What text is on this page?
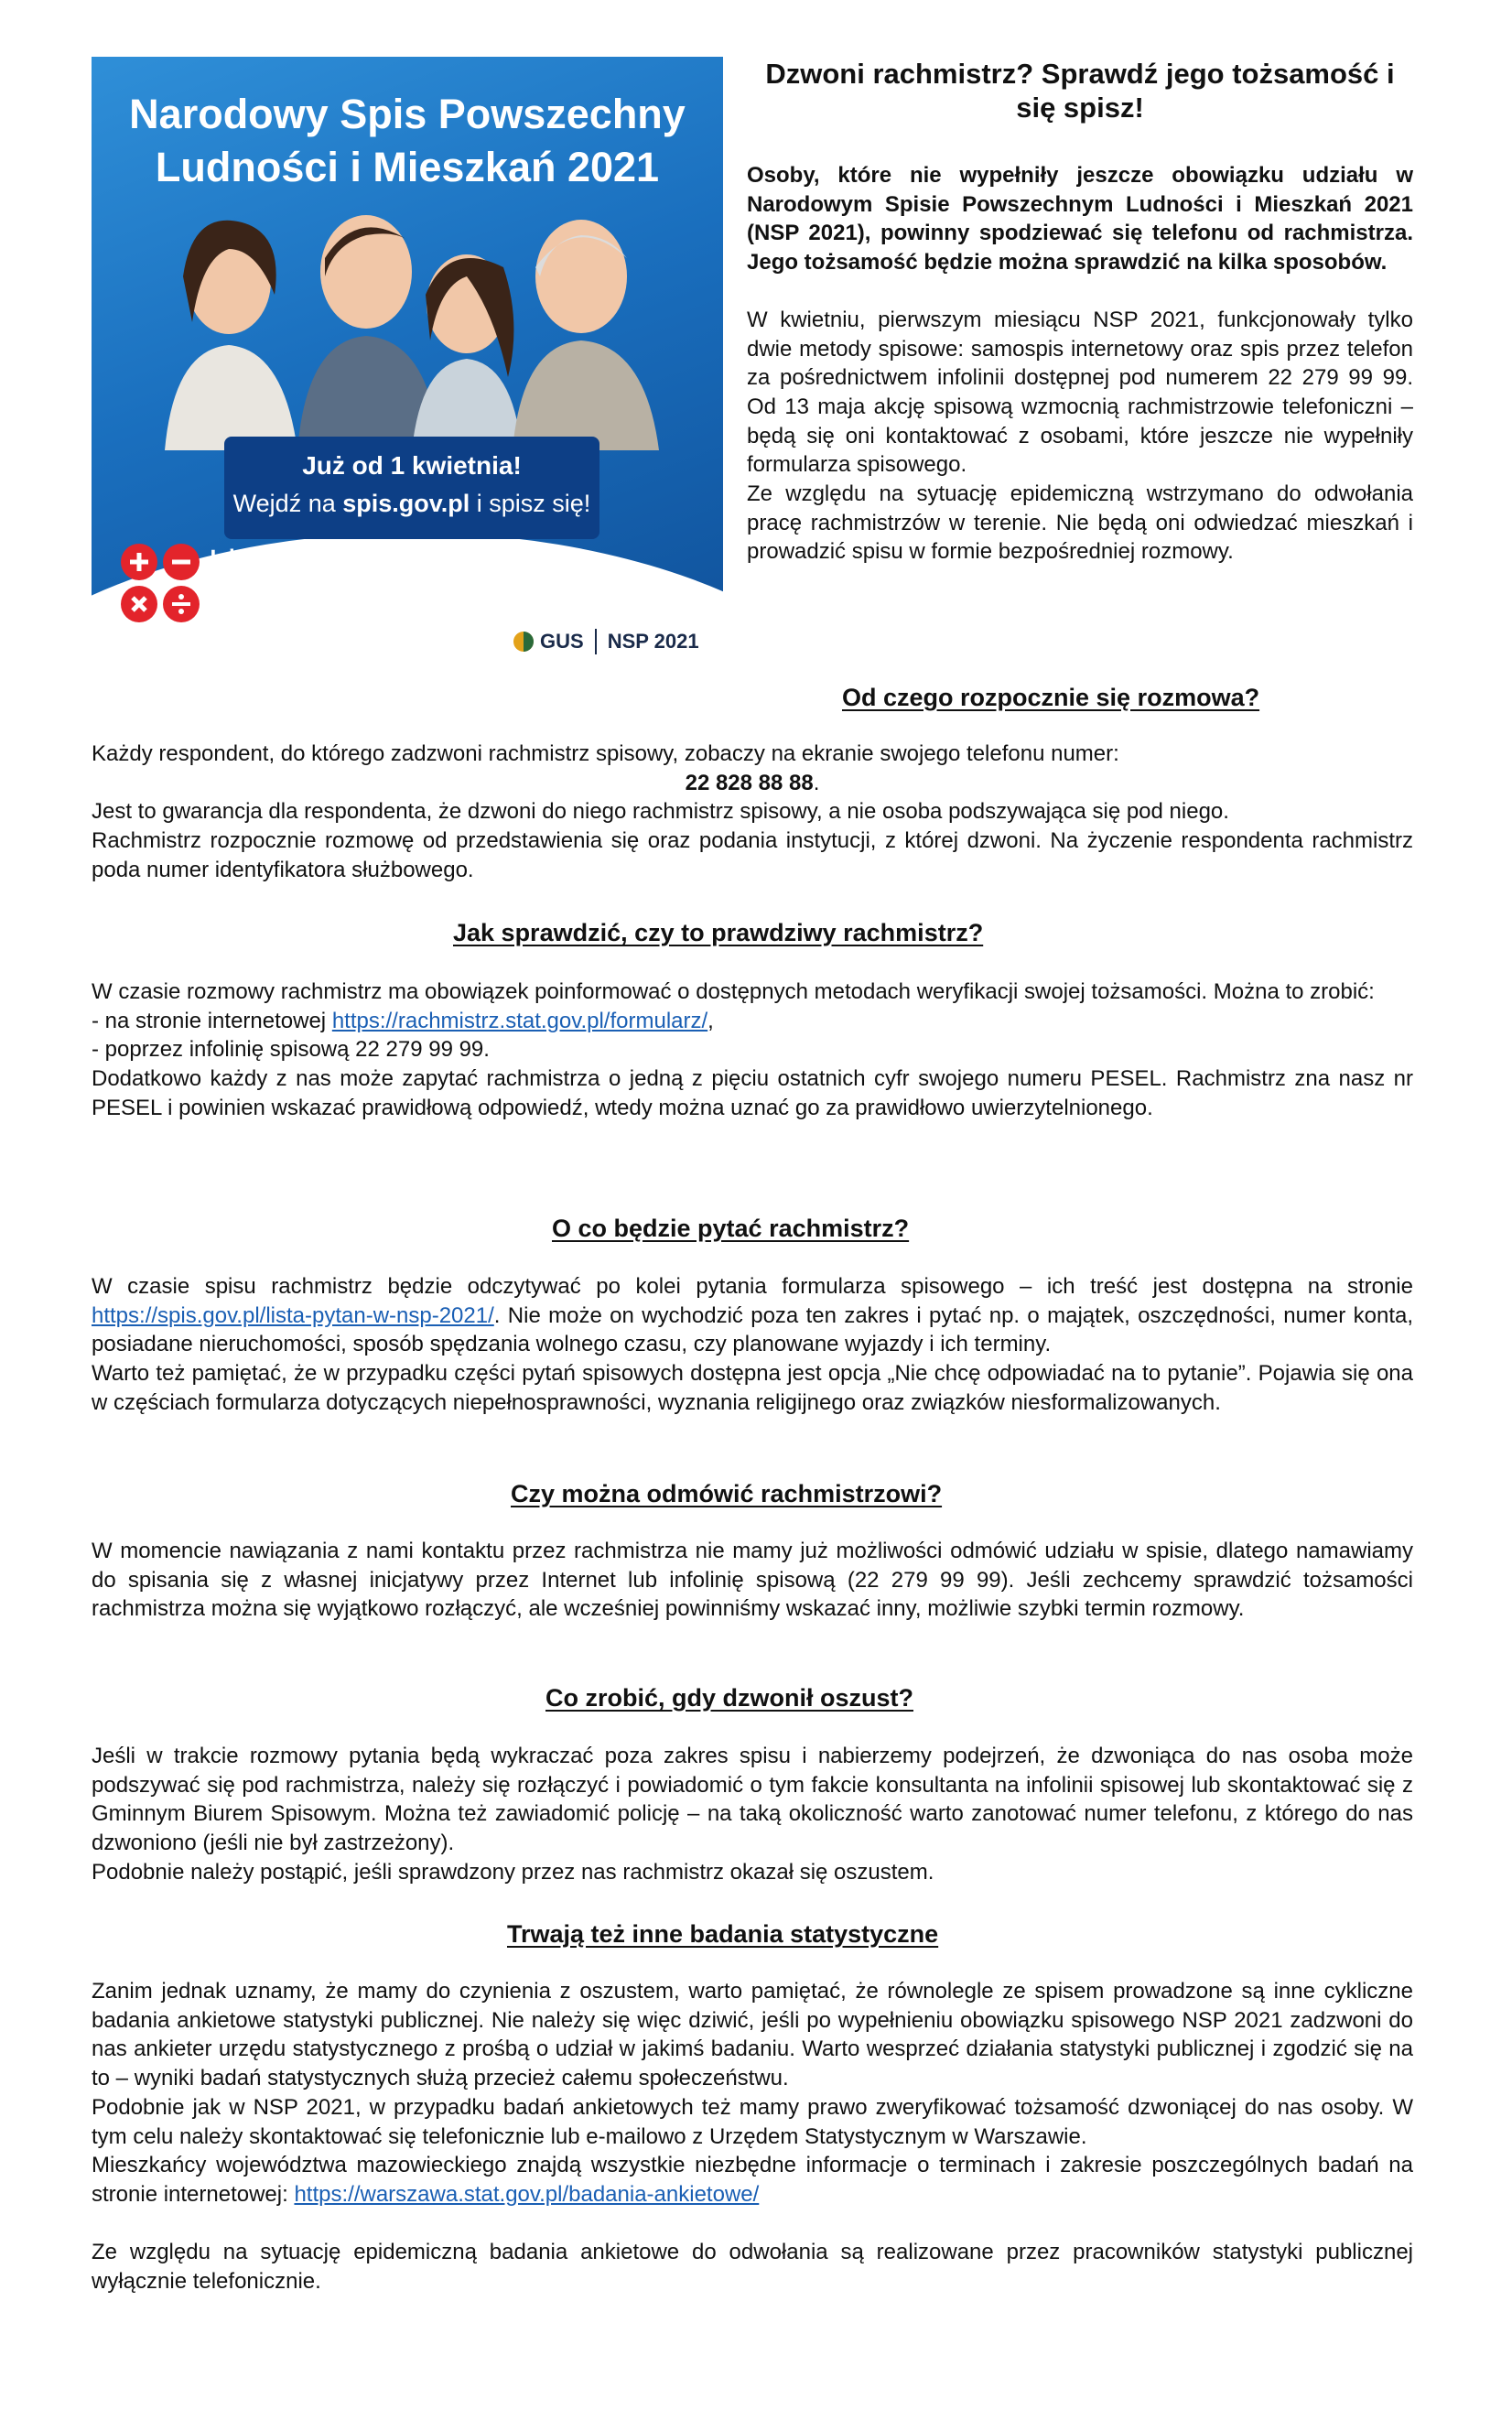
Narodowy Spis Powszechny
Ludności i Mieszkań 2021
Już od 1 kwietnia!
Wejdź na spis.gov.pl i spisz się!
Liczymy się
DLA POLSKI!
GUS NSP 2021
Dzwoni rachmistrz? Sprawdź jego tożsamość i się spisz!

Osoby, które nie wypełniły jeszcze obowiązku udziału w Narodowym Spisie Powszechnym Ludności i Mieszkań 2021 (NSP 2021), powinny spodziewać się telefonu od rachmistrza. Jego tożsamość będzie można sprawdzić na kilka sposobów.

W kwietniu, pierwszym miesiącu NSP 2021, funkcjonowały tylko dwie metody spisowe: samospis internetowy oraz spis przez telefon za pośrednictwem infolinii dostępnej pod numerem 22 279 99 99. Od 13 maja akcję spisową wzmocnią rachmistrzowie telefoniczni – będą się oni kontaktować z osobami, które jeszcze nie wypełniły formularza spisowego.

Ze względu na sytuację epidemiczną wstrzymano do odwołania pracę rachmistrzów w terenie. Nie będą oni odwiedzać mieszkań i prowadzić spisu w formie bezpośredniej rozmowy.

Od czego rozpocznie się rozmowa?

Każdy respondent, do którego zadzwoni rachmistrz spisowy, zobaczy na ekranie swojego telefonu numer:

22 828 88 88.

Jest to gwarancja dla respondenta, że dzwoni do niego rachmistrz spisowy, a nie osoba podszywająca się pod niego.

Rachmistrz rozpocznie rozmowę od przedstawienia się oraz podania instytucji, z której dzwoni. Na życzenie respondenta rachmistrz poda numer identyfikatora służbowego.

Jak sprawdzić, czy to prawdziwy rachmistrz?

W czasie rozmowy rachmistrz ma obowiązek poinformować o dostępnych metodach weryfikacji swojej tożsamości. Można to zrobić:

- na stronie internetowej https://rachmistrz.stat.gov.pl/formularz/,

- poprzez infolinię spisową 22 279 99 99.

Dodatkowo każdy z nas może zapytać rachmistrza o jedną z pięciu ostatnich cyfr swojego numeru PESEL. Rachmistrz zna nasz nr PESEL i powinien wskazać prawidłową odpowiedź, wtedy można uznać go za prawidłowo uwierzytelnionego.

O co będzie pytać rachmistrz?

W czasie spisu rachmistrz będzie odczytywać po kolei pytania formularza spisowego – ich treść jest dostępna na stronie https://spis.gov.pl/lista-pytan-w-nsp-2021/. Nie może on wychodzić poza ten zakres i pytać np. o majątek, oszczędności, numer konta, posiadane nieruchomości, sposób spędzania wolnego czasu, czy planowane wyjazdy i ich terminy.

Warto też pamiętać, że w przypadku części pytań spisowych dostępna jest opcja „Nie chcę odpowiadać na to pytanie”. Pojawia się ona w częściach formularza dotyczących niepełnosprawności, wyznania religijnego oraz związków niesformalizowanych.

Czy można odmówić rachmistrzowi?

W momencie nawiązania z nami kontaktu przez rachmistrza nie mamy już możliwości odmówić udziału w spisie, dlatego namawiamy do spisania się z własnej inicjatywy przez Internet lub infolinię spisową (22 279 99 99). Jeśli zechcemy sprawdzić tożsamości rachmistrza można się wyjątkowo rozłączyć, ale wcześniej powinniśmy wskazać inny, możliwie szybki termin rozmowy.

Co zrobić, gdy dzwonił oszust?

Jeśli w trakcie rozmowy pytania będą wykraczać poza zakres spisu i nabierzemy podejrzeń, że dzwoniąca do nas osoba może podszywać się pod rachmistrza, należy się rozłączyć i powiadomić o tym fakcie konsultanta na infolinii spisowej lub skontaktować się z Gminnym Biurem Spisowym. Można też zawiadomić policję – na taką okoliczność warto zanotować numer telefonu, z którego do nas dzwoniono (jeśli nie był zastrzeżony).

Podobnie należy postąpić, jeśli sprawdzony przez nas rachmistrz okazał się oszustem.

Trwają też inne badania statystyczne

Zanim jednak uznamy, że mamy do czynienia z oszustem, warto pamiętać, że równolegle ze spisem prowadzone są inne cykliczne badania ankietowe statystyki publicznej. Nie należy się więc dziwić, jeśli po wypełnieniu obowiązku spisowego NSP 2021 zadzwoni do nas ankieter urzędu statystycznego z prośbą o udział w jakimś badaniu. Warto wesprzeć działania statystyki publicznej i zgodzić się na to – wyniki badań statystycznych służą przecież całemu społeczeństwu.

Podobnie jak w NSP 2021, w przypadku badań ankietowych też mamy prawo zweryfikować tożsamość dzwoniącej do nas osoby. W tym celu należy skontaktować się telefonicznie lub e-mailowo z Urzędem Statystycznym w Warszawie.

Mieszkańcy województwa mazowieckiego znajdą wszystkie niezbędne informacje o terminach i zakresie poszczególnych badań na stronie internetowej: https://warszawa.stat.gov.pl/badania-ankietowe/

Ze względu na sytuację epidemiczną badania ankietowe do odwołania są realizowane przez pracowników statystyki publicznej wyłącznie telefonicznie.
